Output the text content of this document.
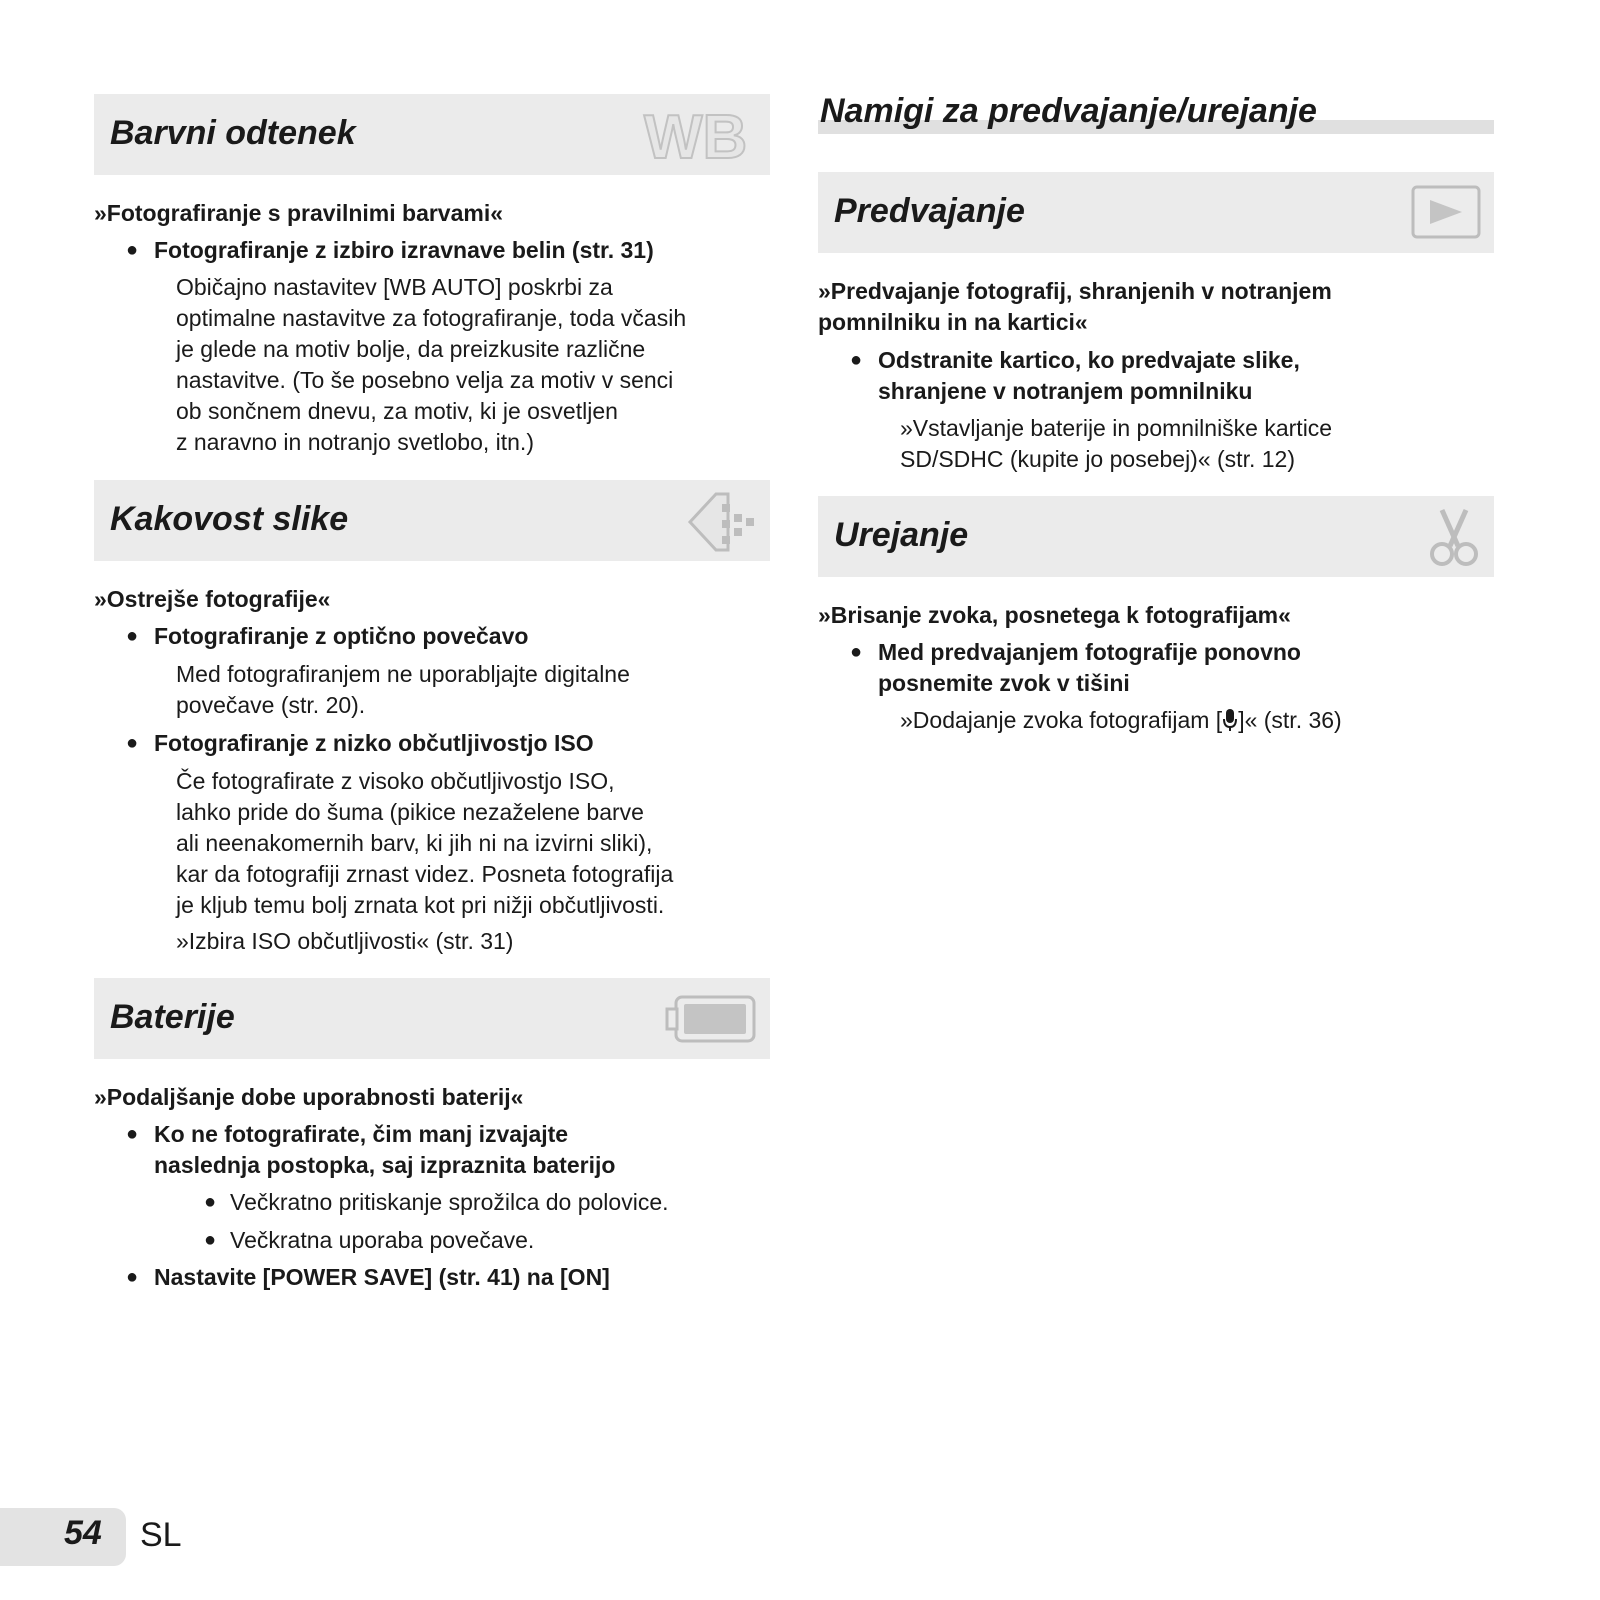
Barvni odtenek	WB
»Fotografiranje s pravilnimi barvami«
● Fotografiranje z izbiro izravnave belin (str. 31)
Običajno nastavitev [WB AUTO] poskrbi za
optimalne nastavitve za fotografiranje, toda včasih
je glede na motiv bolje, da preizkusite različne
nastavitve. (To še posebno velja za motiv v senci
ob sončnem dnevu, za motiv, ki je osvetljen
z naravno in notranjo svetlobo, itn.)
Kakovost slike
»Ostrejše fotografije«
● Fotografiranje z optično povečavo
Med fotografiranjem ne uporabljajte digitalne
povečave (str. 20).
● Fotografiranje z nizko občutljivostjo ISO
Če fotografirate z visoko občutljivostjo ISO,
lahko pride do šuma (pikice nezaželene barve
ali neenakomernih barv, ki jih ni na izvirni sliki),
kar da fotografiji zrnast videz. Posneta fotografija
je kljub temu bolj zrnata kot pri nižji občutljivosti.
»Izbira ISO občutljivosti« (str. 31)
Baterije
»Podaljšanje dobe uporabnosti baterij«
● Ko ne fotografirate, čim manj izvajajte
naslednja postopka, saj izpraznita baterijo
● Večkratno pritiskanje sprožilca do polovice.
● Večkratna uporaba povečave.
● Nastavite [POWER SAVE] (str. 41) na [ON]
Namigi za predvajanje/urejanje
Predvajanje
»Predvajanje fotografij, shranjenih v notranjem
pomnilniku in na kartici«
● Odstranite kartico, ko predvajate slike,
shranjene v notranjem pomnilniku
»Vstavljanje baterije in pomnilniške kartice
SD/SDHC (kupite jo posebej)« (str. 12)
Urejanje
»Brisanje zvoka, posnetega k fotografijam«
● Med predvajanjem fotografije ponovno
posnemite zvok v tišini
»Dodajanje zvoka fotografijam [ ]« (str. 36)
54 SL
